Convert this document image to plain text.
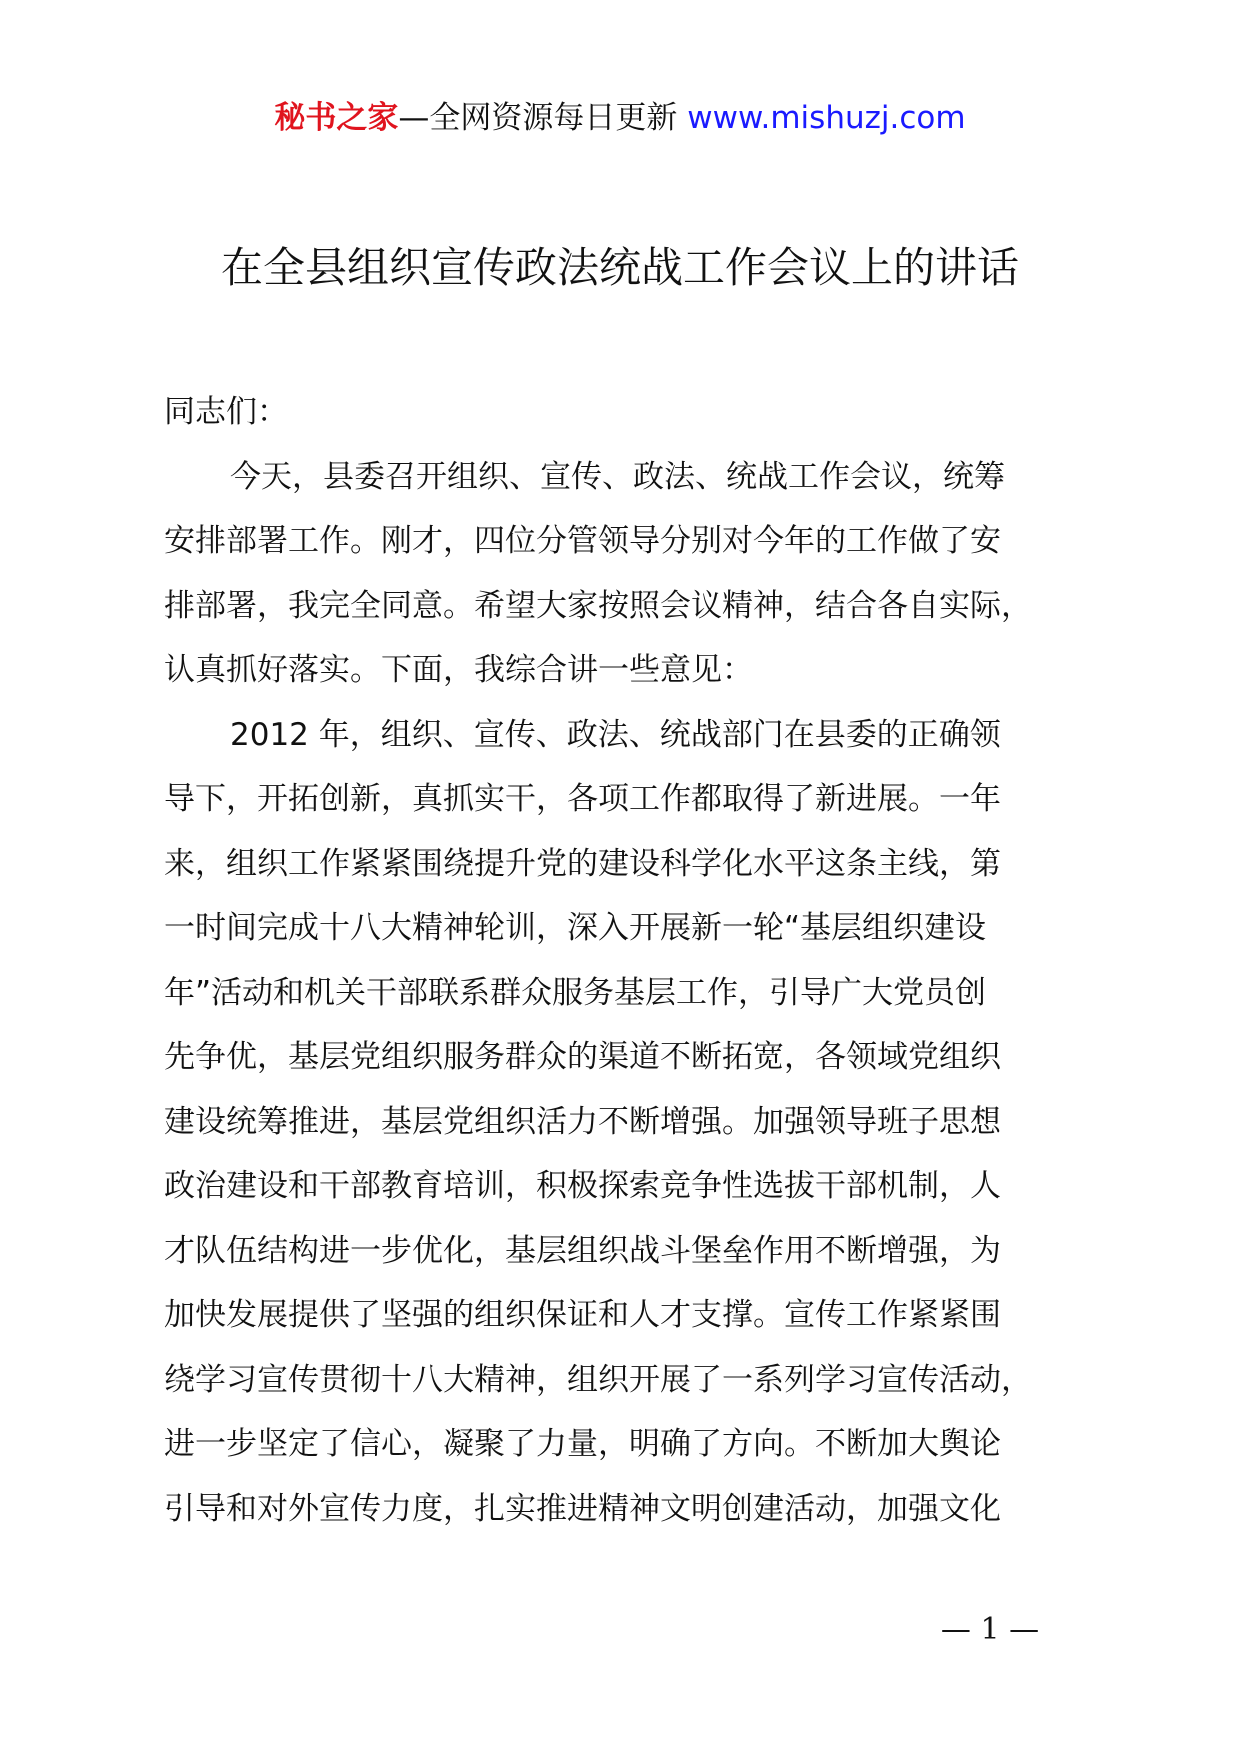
秘书之家—全网资源每日更新 www.mishuzj.com
在全县组织宣传政法统战工作会议上的讲话
同志们：
今天，县委召开组织、宣传、政法、统战工作会议，统筹
安排部署工作。刚才，四位分管领导分别对今年的工作做了安
排部署，我完全同意。希望大家按照会议精神，结合各自实际，
认真抓好落实。下面，我综合讲一些意见：
2012 年，组织、宣传、政法、统战部门在县委的正确领
导下，开拓创新，真抓实干，各项工作都取得了新进展。一年
来，组织工作紧紧围绕提升党的建设科学化水平这条主线，第
一时间完成十八大精神轮训，深入开展新一轮“基层组织建设
年”活动和机关干部联系群众服务基层工作，引导广大党员创
先争优，基层党组织服务群众的渠道不断拓宽，各领域党组织
建设统筹推进，基层党组织活力不断增强。加强领导班子思想
政治建设和干部教育培训，积极探索竞争性选拔干部机制，人
才队伍结构进一步优化，基层组织战斗堡垒作用不断增强，为
加快发展提供了坚强的组织保证和人才支撑。宣传工作紧紧围
绕学习宣传贯彻十八大精神，组织开展了一系列学习宣传活动，
进一步坚定了信心，凝聚了力量，明确了方向。不断加大舆论
引导和对外宣传力度，扎实推进精神文明创建活动，加强文化
— 1 —
